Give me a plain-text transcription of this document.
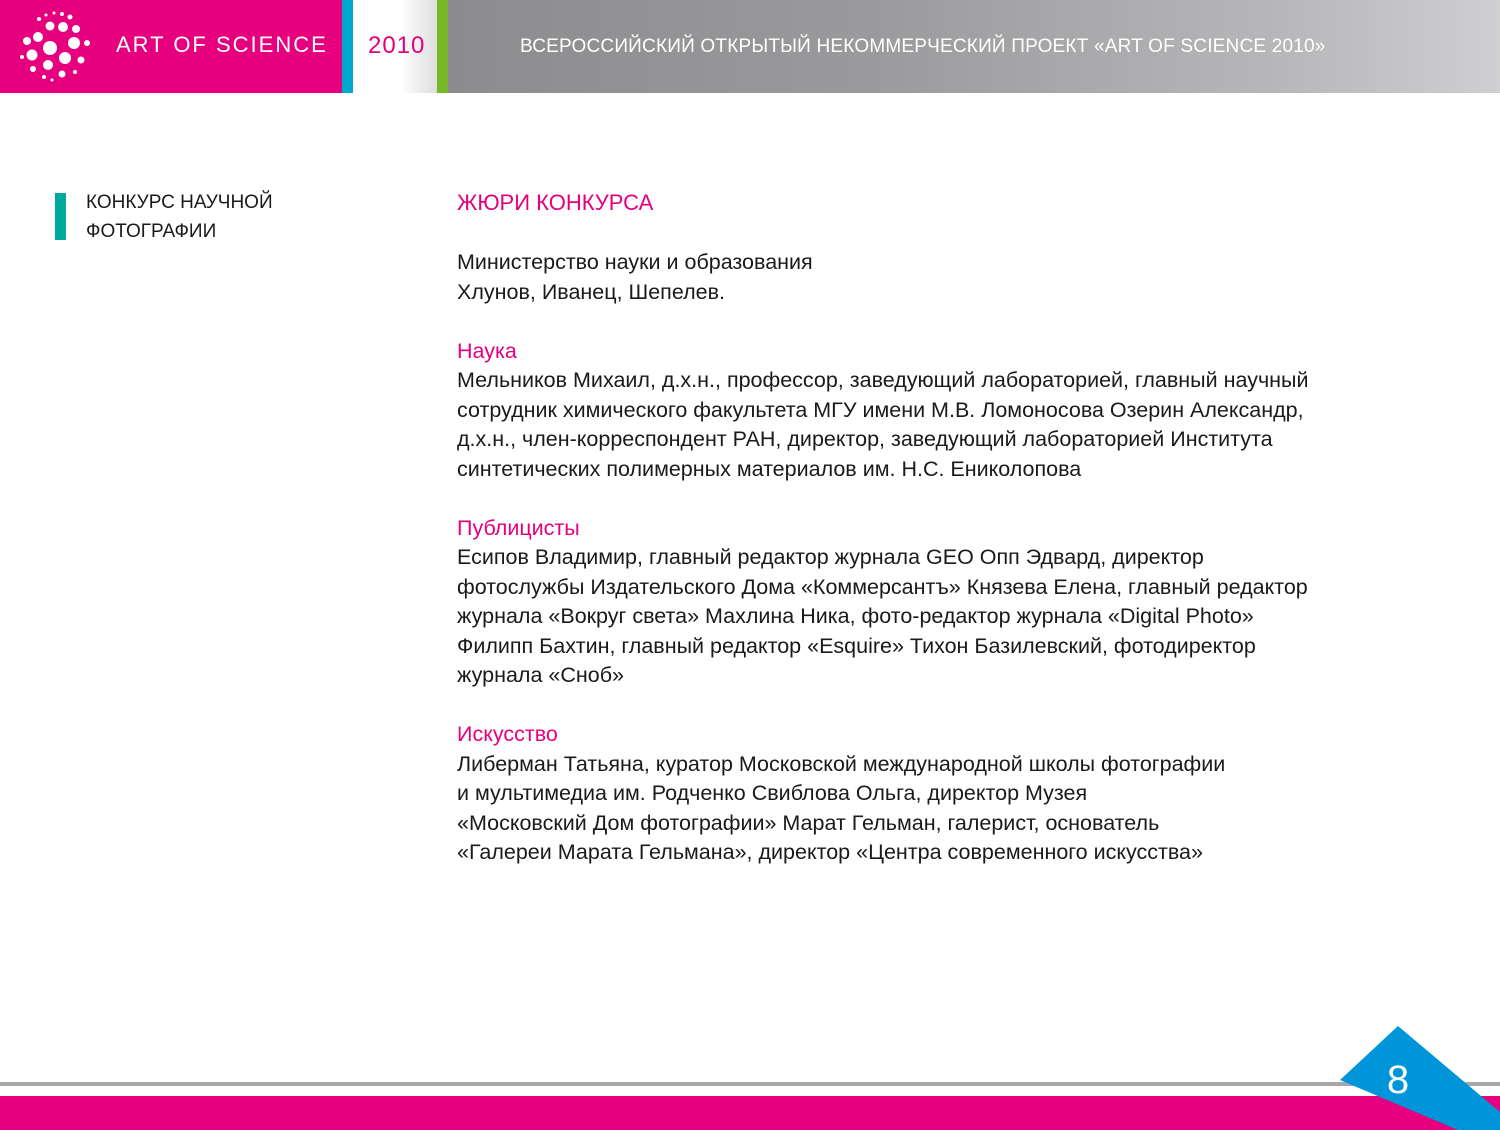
ART OF SCIENCE 2010	ВСЕРОССИЙСКИЙ ОТКРЫТЫЙ НЕКОММЕРЧЕСКИЙ ПРОЕКТ «ART OF SCIENCE 2010»
КОНКУРС НАУЧНОЙ
ФОТОГРАФИИ
ЖЮРИ КОНКУРСА

Министерство науки и образования
Хлунов, Иванец, Шепелев.

Наука

Мельников Михаил, д.х.н., профессор, заведующий лабораторией, главный научный
сотрудник химического факультета МГУ имени М.В. Ломоносова Озерин Александр,
д.х.н., член-корреспондент РАН, директор, заведующий лабораторией Института
синтетических полимерных материалов им. Н.С. Ениколопова

Публицисты

Есипов Владимир, главный редактор журнала GEO Опп Эдвард, директор
фотослужбы Издательского Дома «Коммерсантъ» Князева Елена, главный редактор
журнала «Вокруг света» Махлина Ника, фото-редактор журнала «Digital Photo»
Филипп Бахтин, главный редактор «Esquire» Тихон Базилевский, фотодиректор
журнала «Сноб»

Искусство

Либерман Татьяна, куратор Московской международной школы фотографии
и мультимедиа им. Родченко Свиблова Ольга, директор Музея
«Московский Дом фотографии» Марат Гельман, галерист, основатель
«Галереи Марата Гельмана», директор «Центра современного искусства»

8
